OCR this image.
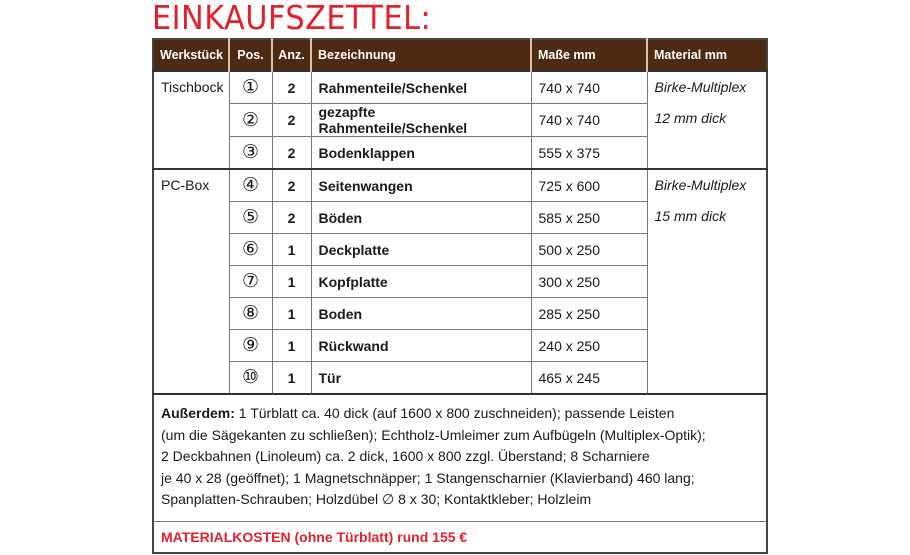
EINKAUFSZETTEL:
Werkstück	Pos.	Anz.	Bezeichnung	Maße mm	Material mm
Tischbock	①	2	Rahmenteile/Schenkel	740 x 740	Birke-Multiplex
12 mm dick
	②	2	gezapfte Rahmenteile/Schenkel	740 x 740	
	③	2	Bodenklappen	555 x 375	
PC-Box	④	2	Seitenwangen	725 x 600	Birke-Multiplex
15 mm dick
	⑤	2	Böden	585 x 250	
	⑥	1	Deckplatte	500 x 250	
	⑦	1	Kopfplatte	300 x 250	
	⑧	1	Boden	285 x 250	
	⑨	1	Rückwand	240 x 250	
	⑩	1	Tür	465 x 245	
Außerdem: 1 Türblatt ca. 40 dick (auf 1600 x 800 zuschneiden); passende Leisten
(um die Sägekanten zu schließen); Echtholz-Umleimer zum Aufbügeln (Multiplex-Optik);
2 Deckbahnen (Linoleum) ca. 2 dick, 1600 x 800 zzgl. Überstand; 8 Scharniere
je 40 x 28 (geöffnet); 1 Magnetschnäpper; 1 Stangenscharnier (Klavierband) 460 lang;
Spanplatten-Schrauben; Holzdübel ∅ 8 x 30; Kontaktkleber; Holzleim					
MATERIALKOSTEN (ohne Türblatt) rund 155 €					
